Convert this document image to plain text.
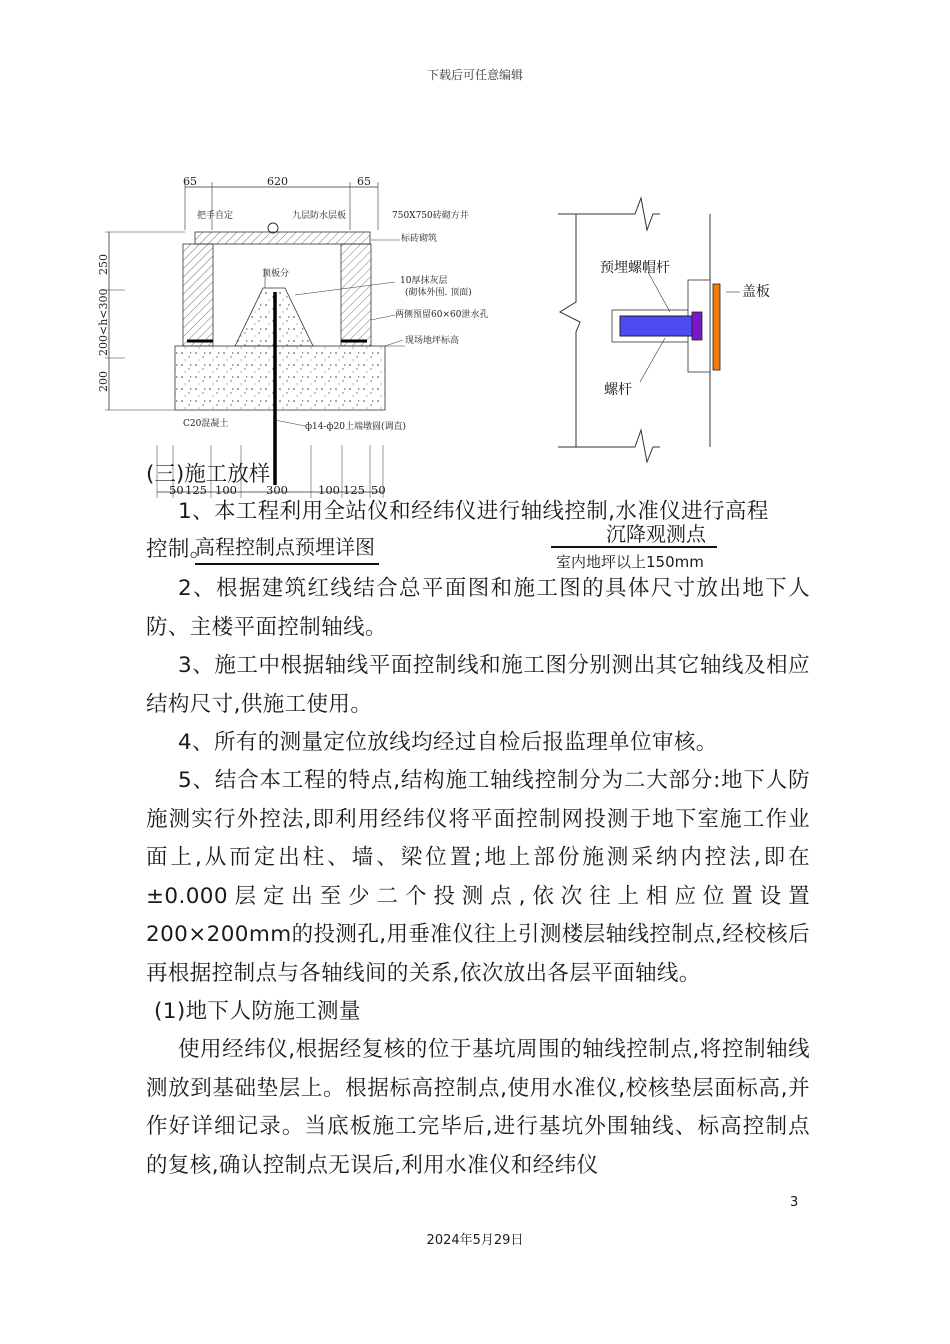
下载后可任意编辑
65	620	65
250
200<h<300
200
顶板分
把手自定	九层防水层板	750X750砖砌方井
标砖砌筑
10厚抹灰层
(砌体外围. 顶面)
两侧预留60×60泄水孔
现场地坪标高
C20混凝土	ф14-ф20上端墩圆(调直)
50 125 100	300	100 125 50
预埋螺帽杆
盖板
螺杆
(三)施工放样
1、本工程利用全站仪和经纬仪进行轴线控制,水准仪进行高程
控制。
高程控制点预埋详图
沉降观测点
室内地坪以上150mm
2、根据建筑红线结合总平面图和施工图的具体尺寸放出地下人防、主楼平面控制轴线。
3、施工中根据轴线平面控制线和施工图分别测出其它轴线及相应结构尺寸,供施工使用。
4、所有的测量定位放线均经过自检后报监理单位审核。
5、结合本工程的特点,结构施工轴线控制分为二大部分:地下人防施测实行外控法,即利用经纬仪将平面控制网投测于地下室施工作业面上,从而定出柱、墙、梁位置;地上部份施测采纳内控法,即在±0.000层定出至少二个投测点,依次往上相应位置设置200×200mm的投测孔,用垂准仪往上引测楼层轴线控制点,经校核后再根据控制点与各轴线间的关系,依次放出各层平面轴线。
(1)地下人防施工测量
使用经纬仪,根据经复核的位于基坑周围的轴线控制点,将控制轴线测放到基础垫层上。根据标高控制点,使用水准仪,校核垫层面标高,并作好详细记录。当底板施工完毕后,进行基坑外围轴线、标高控制点的复核,确认控制点无误后,利用水准仪和经纬仪
3
2024年5月29日
